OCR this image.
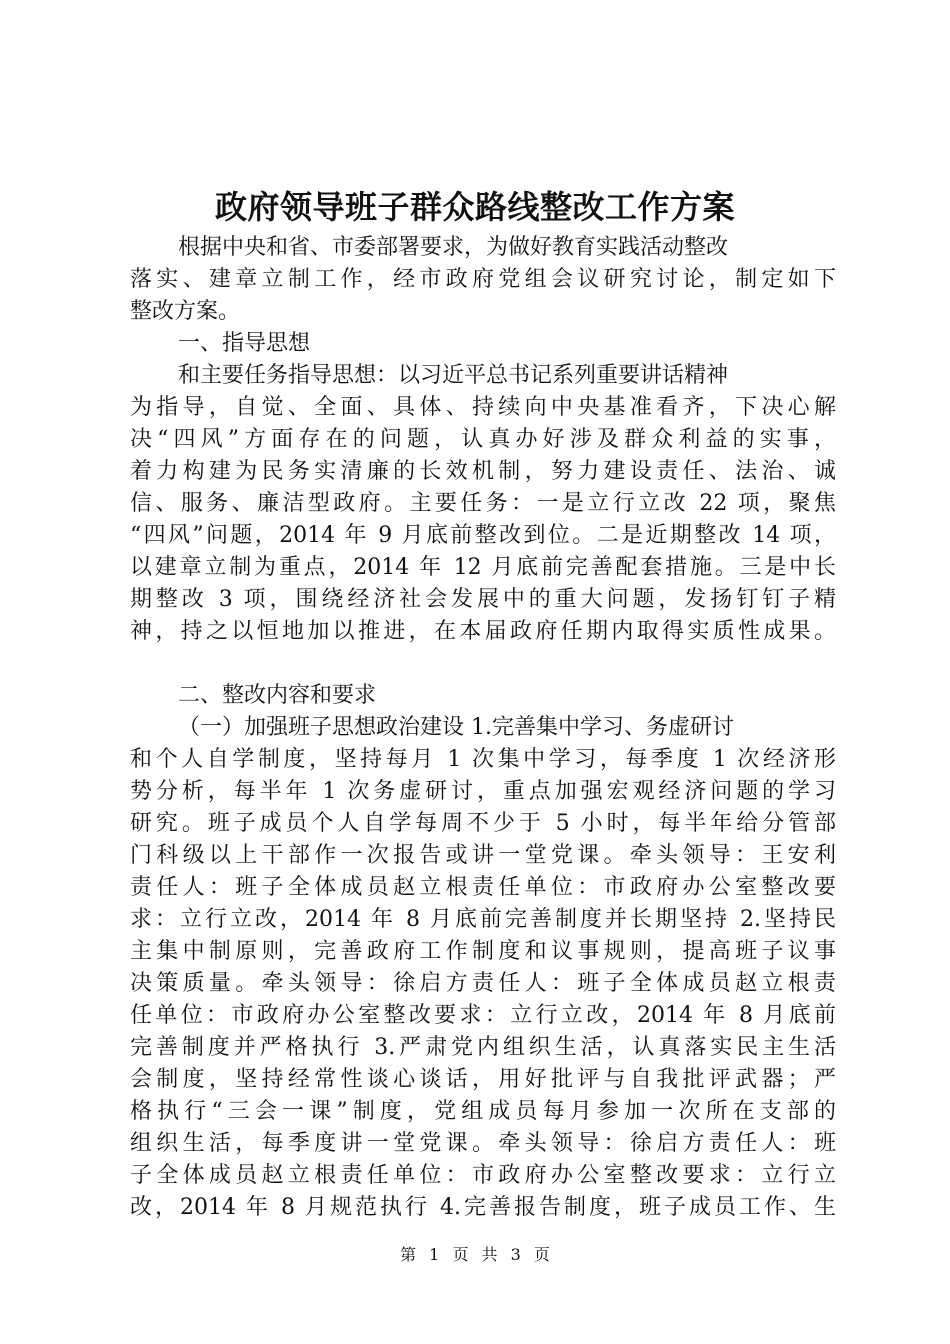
政府领导班子群众路线整改工作方案
根据中央和省、市委部署要求，为做好教育实践活动整改
落实、建章立制工作，经市政府党组会议研究讨论，制定如下
整改方案。
一、指导思想
和主要任务指导思想：以习近平总书记系列重要讲话精神
为指导，自觉、全面、具体、持续向中央基准看齐，下决心解
决“四风”方面存在的问题，认真办好涉及群众利益的实事，
着力构建为民务实清廉的长效机制，努力建设责任、法治、诚
信、服务、廉洁型政府。主要任务：一是立行立改 22 项，聚焦
“四风”问题，2014 年 9 月底前整改到位。二是近期整改 14 项，
以建章立制为重点，2014 年 12 月底前完善配套措施。三是中长
期整改 3 项，围绕经济社会发展中的重大问题，发扬钉钉子精
神，持之以恒地加以推进，在本届政府任期内取得实质性成果。
二、整改内容和要求
（一）加强班子思想政治建设 1.完善集中学习、务虚研讨
和个人自学制度，坚持每月 1 次集中学习，每季度 1 次经济形
势分析，每半年 1 次务虚研讨，重点加强宏观经济问题的学习
研究。班子成员个人自学每周不少于 5 小时，每半年给分管部
门科级以上干部作一次报告或讲一堂党课。牵头领导：王安利
责任人：班子全体成员赵立根责任单位：市政府办公室整改要
求：立行立改，2014 年 8 月底前完善制度并长期坚持 2.坚持民
主集中制原则，完善政府工作制度和议事规则，提高班子议事
决策质量。牵头领导：徐启方责任人：班子全体成员赵立根责
任单位：市政府办公室整改要求：立行立改，2014 年 8 月底前
完善制度并严格执行 3.严肃党内组织生活，认真落实民主生活
会制度，坚持经常性谈心谈话，用好批评与自我批评武器；严
格执行“三会一课”制度，党组成员每月参加一次所在支部的
组织生活，每季度讲一堂党课。牵头领导：徐启方责任人：班
子全体成员赵立根责任单位：市政府办公室整改要求：立行立
改，2014 年 8 月规范执行 4.完善报告制度，班子成员工作、生
第 1 页 共 3 页
